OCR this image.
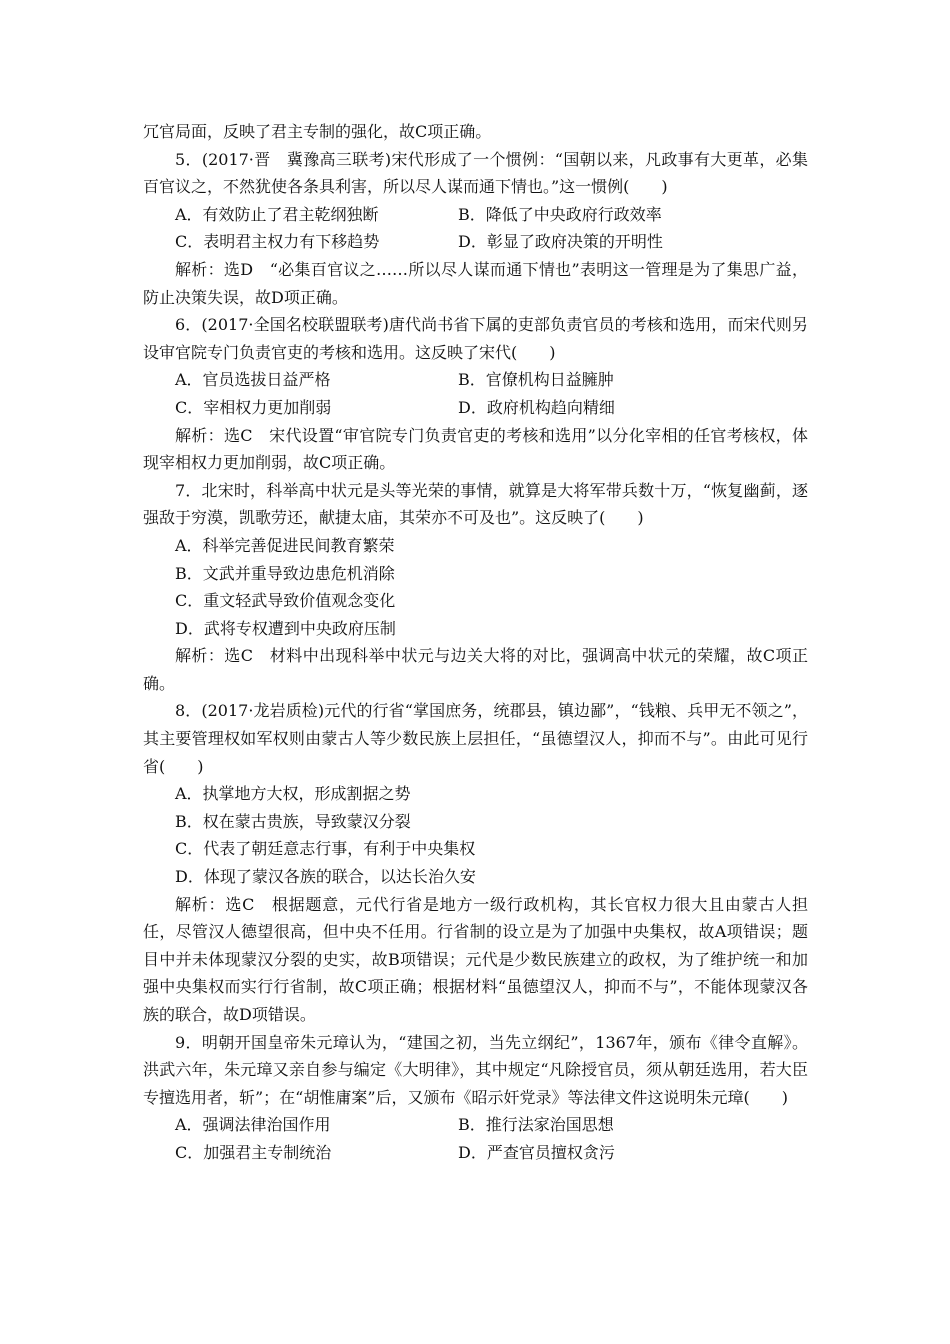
冗官局面，反映了君主专制的强化，故C项正确。

5．(2017·晋　冀豫高三联考)宋代形成了一个惯例：“国朝以来，凡政事有大更革，必集百官议之，不然犹使各条具利害，所以尽人谋而通下情也。”这一惯例(　　)

A．有效防止了君主乾纲独断	B．降低了中央政府行政效率
C．表明君主权力有下移趋势	D．彰显了政府决策的开明性

解析：选D　“必集百官议之……所以尽人谋而通下情也”表明这一管理是为了集思广益，防止决策失误，故D项正确。

6．(2017·全国名校联盟联考)唐代尚书省下属的吏部负责官员的考核和选用，而宋代则另设审官院专门负责官吏的考核和选用。这反映了宋代(　　)

A．官员选拔日益严格	B．官僚机构日益臃肿
C．宰相权力更加削弱	D．政府机构趋向精细

解析：选C　宋代设置“审官院专门负责官吏的考核和选用”以分化宰相的任官考核权，体现宰相权力更加削弱，故C项正确。

7．北宋时，科举高中状元是头等光荣的事情，就算是大将军带兵数十万，“恢复幽蓟，逐强敌于穷漠，凯歌劳还，献捷太庙，其荣亦不可及也”。这反映了(　　)

A．科举完善促进民间教育繁荣

B．文武并重导致边患危机消除

C．重文轻武导致价值观念变化

D．武将专权遭到中央政府压制

解析：选C　材料中出现科举中状元与边关大将的对比，强调高中状元的荣耀，故C项正确。

8．(2017·龙岩质检)元代的行省“掌国庶务，统郡县，镇边鄙”，“钱粮、兵甲无不领之”，其主要管理权如军权则由蒙古人等少数民族上层担任，“虽德望汉人，抑而不与”。由此可见行省(　　)

A．执掌地方大权，形成割据之势

B．权在蒙古贵族，导致蒙汉分裂

C．代表了朝廷意志行事，有利于中央集权

D．体现了蒙汉各族的联合，以达长治久安

解析：选C　根据题意，元代行省是地方一级行政机构，其长官权力很大且由蒙古人担任，尽管汉人德望很高，但中央不任用。行省制的设立是为了加强中央集权，故A项错误；题目中并未体现蒙汉分裂的史实，故B项错误；元代是少数民族建立的政权，为了维护统一和加强中央集权而实行行省制，故C项正确；根据材料“虽德望汉人，抑而不与”，不能体现蒙汉各族的联合，故D项错误。

9．明朝开国皇帝朱元璋认为，“建国之初，当先立纲纪”，1367年，颁布《律令直解》。洪武六年，朱元璋又亲自参与编定《大明律》，其中规定“凡除授官员，须从朝廷选用，若大臣专擅选用者，斩”；在“胡惟庸案”后，又颁布《昭示奸党录》等法律文件这说明朱元璋(　　)

A．强调法律治国作用	B．推行法家治国思想
C．加强君主专制统治	D．严查官员擅权贪污
